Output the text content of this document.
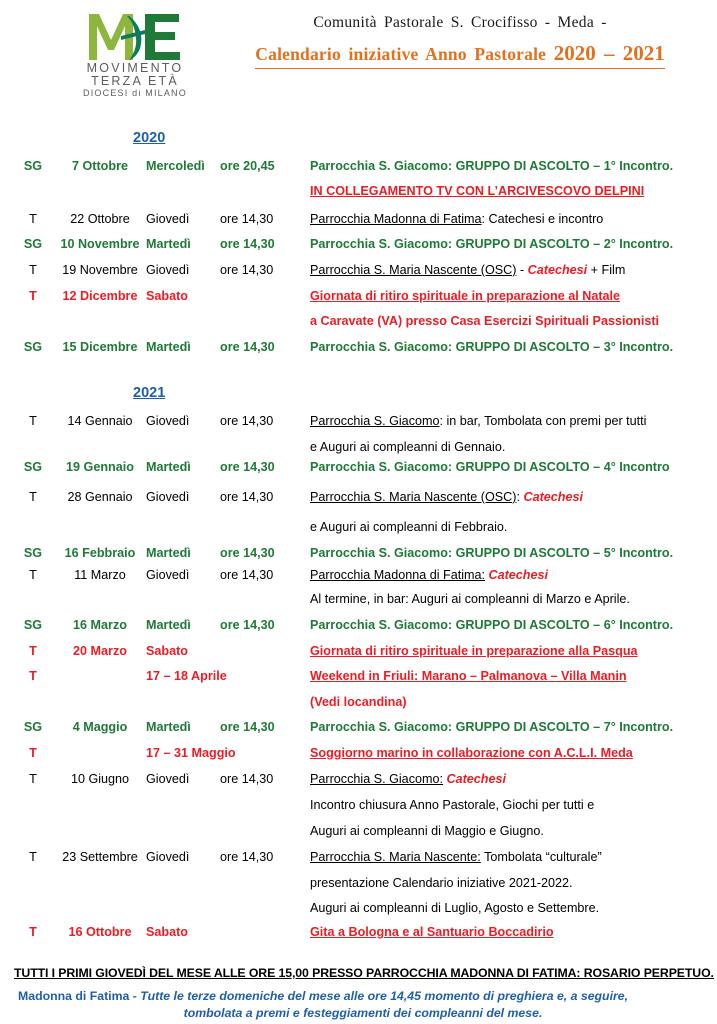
MOVIMENTO
TERZA ETÀ
DIOCESI di MILANO
Comunità Pastorale S. Crocifisso - Meda -
Calendario iniziative Anno Pastorale 2020 – 2021
2020
2021
SG	7 Ottobre	Mercoledì	ore 20,45	Parrocchia S. Giacomo: GRUPPO DI ASCOLTO – 1° Incontro.
IN COLLEGAMENTO TV CON L’ARCIVESCOVO DELPINI
T	22 Ottobre	Giovedì	ore 14,30	Parrocchia Madonna di Fatima: Catechesi e incontro
SG	10 Novembre Martedì	ore 14,30	Parrocchia S. Giacomo: GRUPPO DI ASCOLTO – 2° Incontro.
T	19 Novembre Giovedì	ore 14,30	Parrocchia S. Maria Nascente (OSC) - Catechesi + Film
T	12 Dicembre Sabato	Giornata di ritiro spirituale in preparazione al Natale
a Caravate (VA) presso Casa Esercizi Spirituali Passionisti
SG	15 Dicembre Martedì	ore 14,30	Parrocchia S. Giacomo: GRUPPO DI ASCOLTO – 3° Incontro.
T	14 Gennaio	Giovedì	ore 14,30	Parrocchia S. Giacomo: in bar, Tombolata con premi per tutti
e Auguri ai compleanni di Gennaio.
SG	19 Gennaio Martedì	ore 14,30	Parrocchia S. Giacomo: GRUPPO DI ASCOLTO – 4° Incontro
T	28 Gennaio	Giovedì	ore 14,30	Parrocchia S. Maria Nascente (OSC): Catechesi
e Auguri ai compleanni di Febbraio.
SG	16 Febbraio Martedì	ore 14,30	Parrocchia S. Giacomo: GRUPPO DI ASCOLTO – 5° Incontro.
T	11 Marzo	Giovedì	ore 14,30	Parrocchia Madonna di Fatima: Catechesi
Al termine, in bar: Auguri ai compleanni di Marzo e Aprile.
SG	16 Marzo	Martedì	ore 14,30	Parrocchia S. Giacomo: GRUPPO DI ASCOLTO – 6° Incontro.
T	20 Marzo	Sabato	Giornata di ritiro spirituale in preparazione alla Pasqua
T	17 – 18 Aprile	Weekend in Friuli: Marano – Palmanova – Villa Manin
(Vedi locandina)
SG	4 Maggio	Martedì	ore 14,30	Parrocchia S. Giacomo: GRUPPO DI ASCOLTO – 7° Incontro.
T	17 – 31 Maggio	Soggiorno marino in collaborazione con A.C.L.I. Meda
T	10 Giugno	Giovedì	ore 14,30	Parrocchia S. Giacomo: Catechesi
Incontro chiusura Anno Pastorale, Giochi per tutti e
Auguri ai compleanni di Maggio e Giugno.
T	23 Settembre Giovedì	ore 14,30	Parrocchia S. Maria Nascente: Tombolata “culturale”
presentazione Calendario iniziative 2021-2022.
Auguri ai compleanni di Luglio, Agosto e Settembre.
T	16 Ottobre	Sabato	Gita a Bologna e al Santuario Boccadirio
TUTTI I PRIMI GIOVEDÌ DEL MESE ALLE ORE 15,00 PRESSO PARROCCHIA MADONNA DI FATIMA: ROSARIO PERPETUO.
Madonna di Fatima - Tutte le terze domeniche del mese alle ore 14,45 momento di preghiera e, a seguire,
tombolata a premi e festeggiamenti dei compleanni del mese.
